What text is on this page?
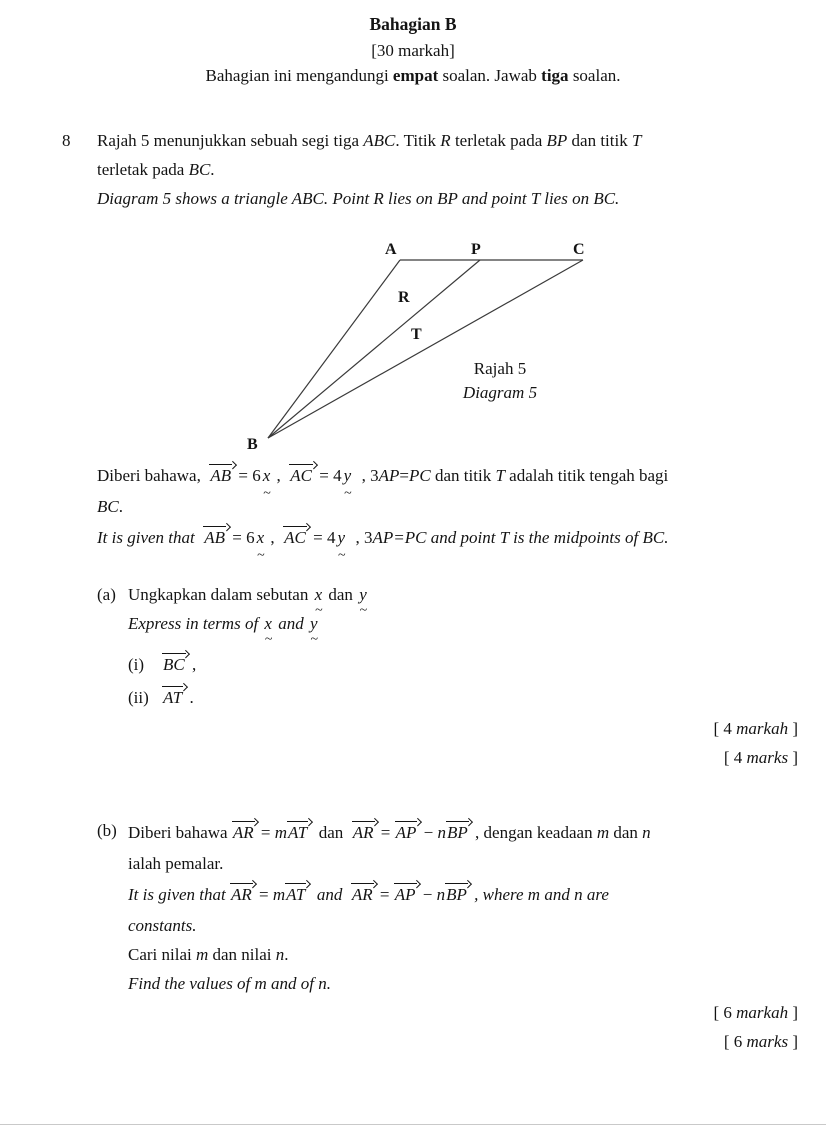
Bahagian B
[30 markah]

Bahagian ini mengandungi empat soalan. Jawab tiga soalan.

8	Rajah 5 menunjukkan sebuah segi tiga ABC. Titik R terletak pada BP dan titik T

terletak pada BC.

Diagram 5 shows a triangle ABC. Point R lies on BP and point T lies on BC.

A	P	C
B
R
T
Rajah 5
Diagram 5

Diberi bahawa,  AB = 6 x ~ ,  AC = 4 y ~  , 3AP=PC dan titik T adalah titik tengah bagi

BC.

It is given that  AB = 6 x ~ ,  AC = 4 y ~  , 3AP=PC and point T is the midpoints of BC.

(a) Ungkapkan dalam sebutan x ~ dan y ~

Express in terms of x ~ and y ~

(i)	BC ,

(ii) AT .

[ 4 markah ]

[ 4 marks ]

(b) Diberi bahawa AR = mAT  dan  AR = AP − nBP , dengan keadaan m dan n

ialah pemalar.

It is given that AR = mAT  and  AR = AP − nBP , where m and n are

constants.

Cari nilai m dan nilai n.

Find the values of m and of n.

[ 6 markah ]

[ 6 marks ]
